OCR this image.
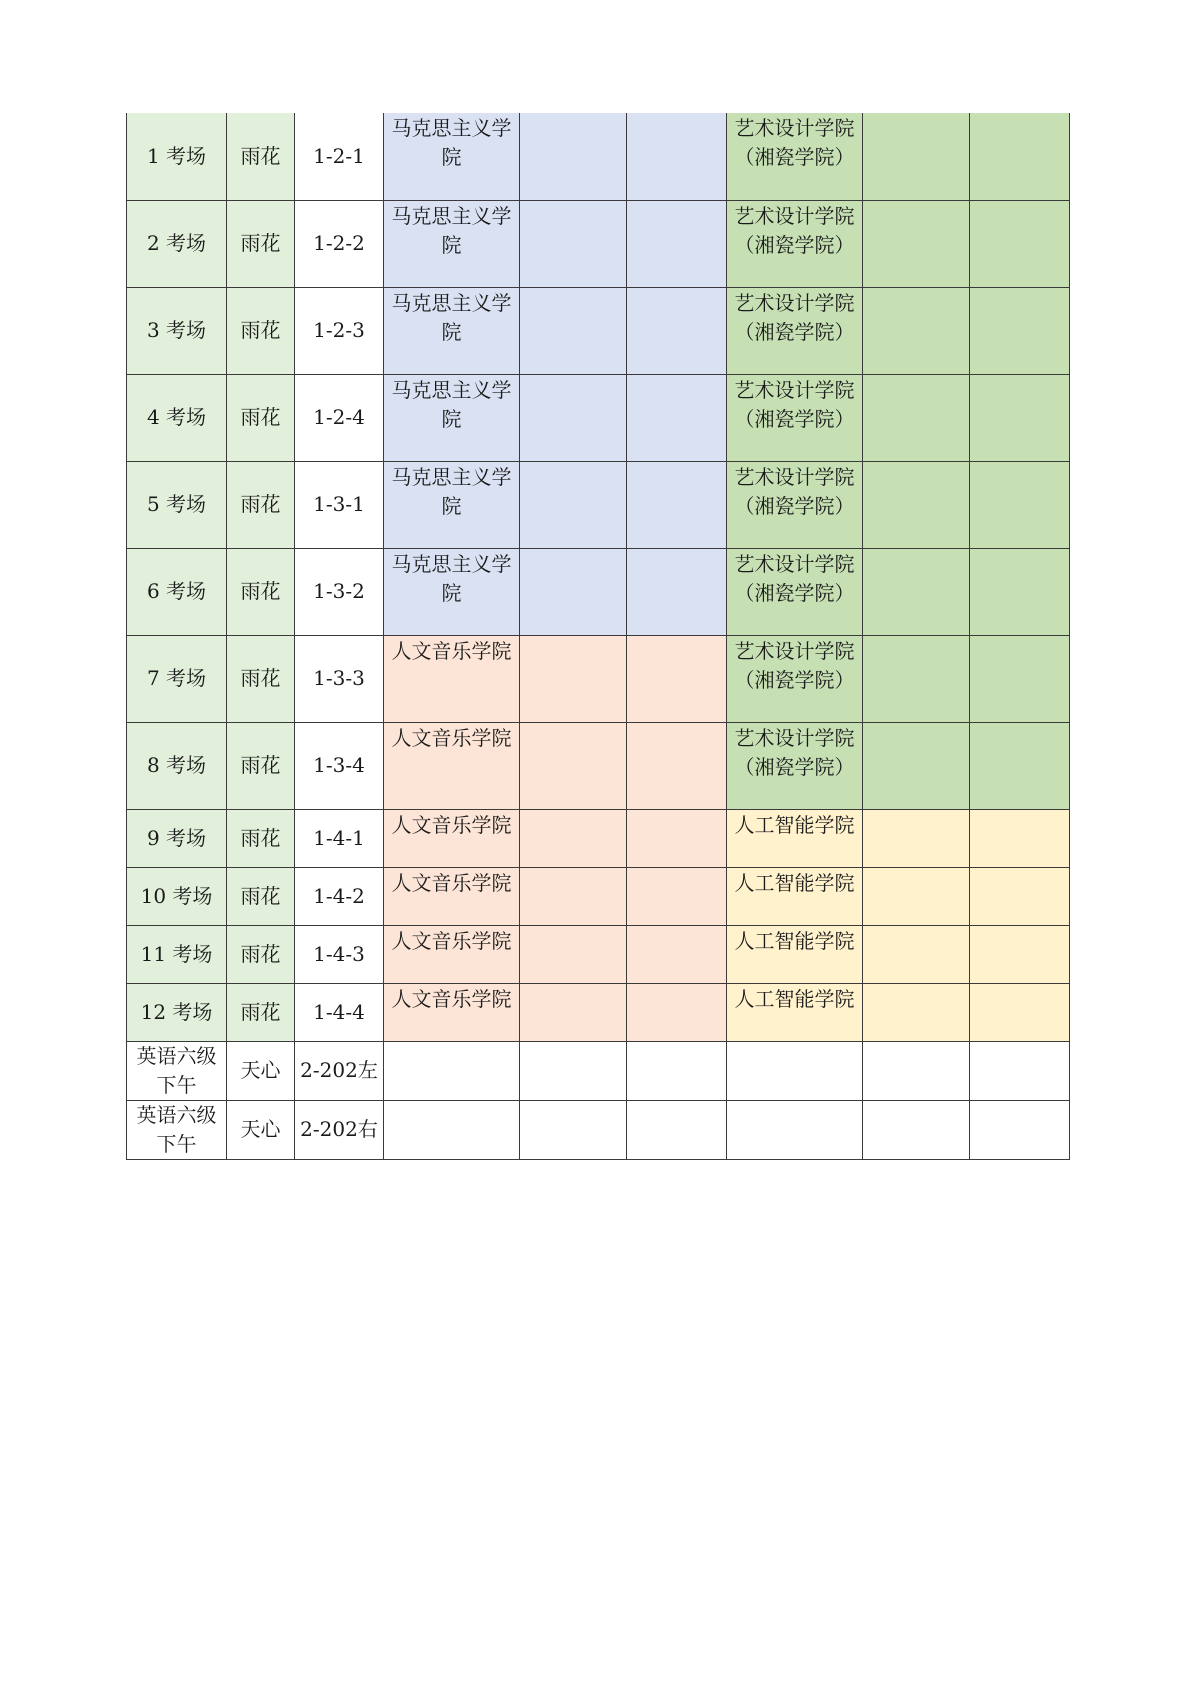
1 考场	雨花	1-2-1	马克思主义学院			艺术设计学院（湘瓷学院）		
2 考场	雨花	1-2-2	马克思主义学院			艺术设计学院（湘瓷学院）		
3 考场	雨花	1-2-3	马克思主义学院			艺术设计学院（湘瓷学院）		
4 考场	雨花	1-2-4	马克思主义学院			艺术设计学院（湘瓷学院）		
5 考场	雨花	1-3-1	马克思主义学院			艺术设计学院（湘瓷学院）		
6 考场	雨花	1-3-2	马克思主义学院			艺术设计学院（湘瓷学院）		
7 考场	雨花	1-3-3	人文音乐学院			艺术设计学院（湘瓷学院）		
8 考场	雨花	1-3-4	人文音乐学院			艺术设计学院（湘瓷学院）		
9 考场	雨花	1-4-1	人文音乐学院			人工智能学院		
10 考场	雨花	1-4-2	人文音乐学院			人工智能学院		
11 考场	雨花	1-4-3	人文音乐学院			人工智能学院		
12 考场	雨花	1-4-4	人文音乐学院			人工智能学院		
英语六级下午	天心	2-202左						
英语六级下午	天心	2-202右						
